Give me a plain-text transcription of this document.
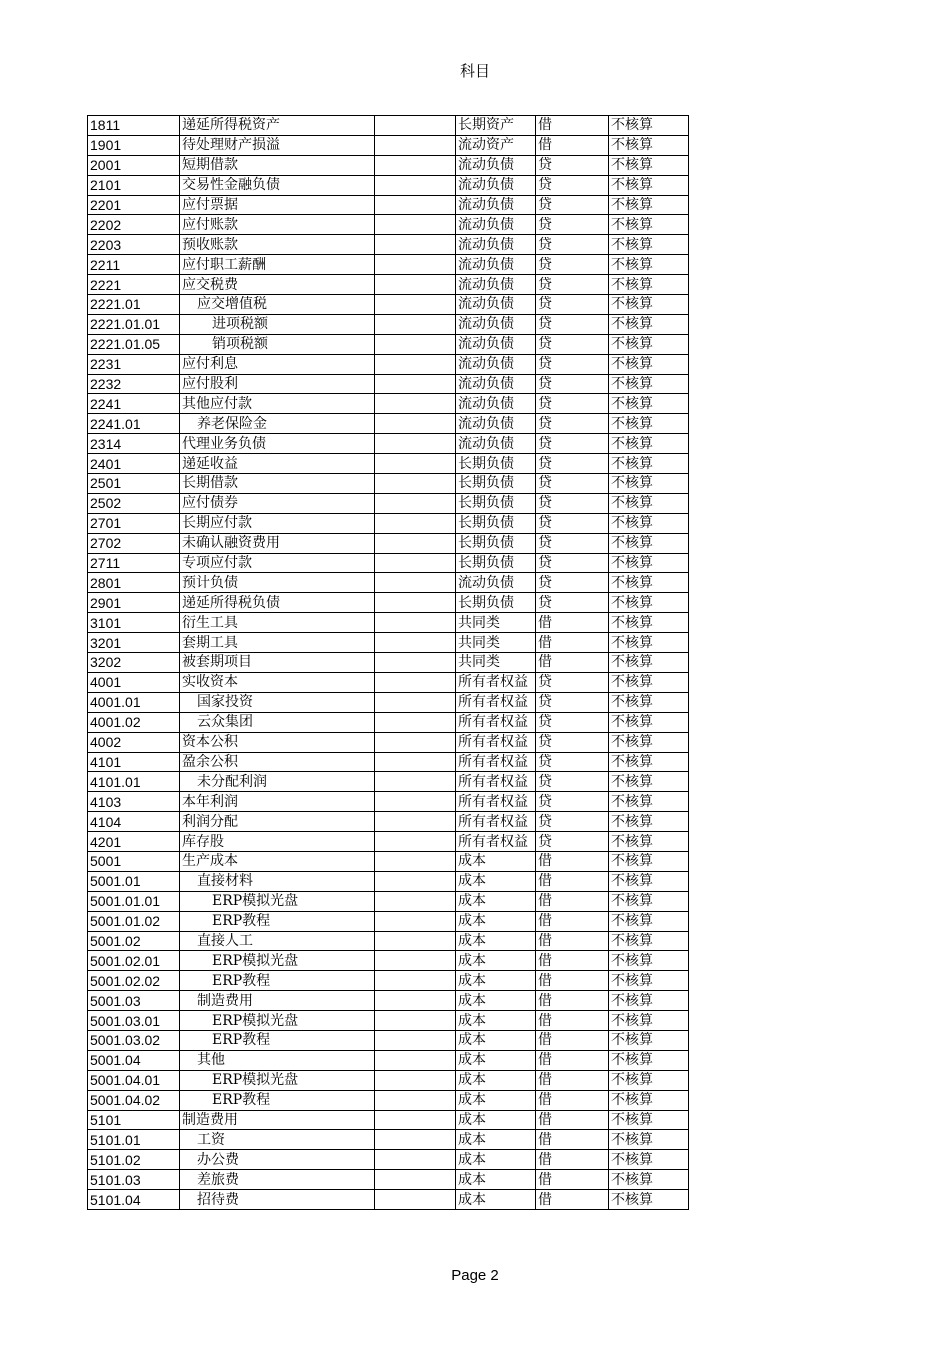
科目
1811	递延所得税资产		长期资产	借	不核算
1901	待处理财产损溢		流动资产	借	不核算
2001	短期借款		流动负债	贷	不核算
2101	交易性金融负债		流动负债	贷	不核算
2201	应付票据		流动负债	贷	不核算
2202	应付账款		流动负债	贷	不核算
2203	预收账款		流动负债	贷	不核算
2211	应付职工薪酬		流动负债	贷	不核算
2221	应交税费		流动负债	贷	不核算
2221.01	应交增值税		流动负债	贷	不核算
2221.01.01	进项税额		流动负债	贷	不核算
2221.01.05	销项税额		流动负债	贷	不核算
2231	应付利息		流动负债	贷	不核算
2232	应付股利		流动负债	贷	不核算
2241	其他应付款		流动负债	贷	不核算
2241.01	养老保险金		流动负债	贷	不核算
2314	代理业务负债		流动负债	贷	不核算
2401	递延收益		长期负债	贷	不核算
2501	长期借款		长期负债	贷	不核算
2502	应付债券		长期负债	贷	不核算
2701	长期应付款		长期负债	贷	不核算
2702	未确认融资费用		长期负债	贷	不核算
2711	专项应付款		长期负债	贷	不核算
2801	预计负债		流动负债	贷	不核算
2901	递延所得税负债		长期负债	贷	不核算
3101	衍生工具		共同类	借	不核算
3201	套期工具		共同类	借	不核算
3202	被套期项目		共同类	借	不核算
4001	实收资本		所有者权益	贷	不核算
4001.01	国家投资		所有者权益	贷	不核算
4001.02	云众集团		所有者权益	贷	不核算
4002	资本公积		所有者权益	贷	不核算
4101	盈余公积		所有者权益	贷	不核算
4101.01	未分配利润		所有者权益	贷	不核算
4103	本年利润		所有者权益	贷	不核算
4104	利润分配		所有者权益	贷	不核算
4201	库存股		所有者权益	贷	不核算
5001	生产成本		成本	借	不核算
5001.01	直接材料		成本	借	不核算
5001.01.01	ERP模拟光盘		成本	借	不核算
5001.01.02	ERP教程		成本	借	不核算
5001.02	直接人工		成本	借	不核算
5001.02.01	ERP模拟光盘		成本	借	不核算
5001.02.02	ERP教程		成本	借	不核算
5001.03	制造费用		成本	借	不核算
5001.03.01	ERP模拟光盘		成本	借	不核算
5001.03.02	ERP教程		成本	借	不核算
5001.04	其他		成本	借	不核算
5001.04.01	ERP模拟光盘		成本	借	不核算
5001.04.02	ERP教程		成本	借	不核算
5101	制造费用		成本	借	不核算
5101.01	工资		成本	借	不核算
5101.02	办公费		成本	借	不核算
5101.03	差旅费		成本	借	不核算
5101.04	招待费		成本	借	不核算
Page 2
